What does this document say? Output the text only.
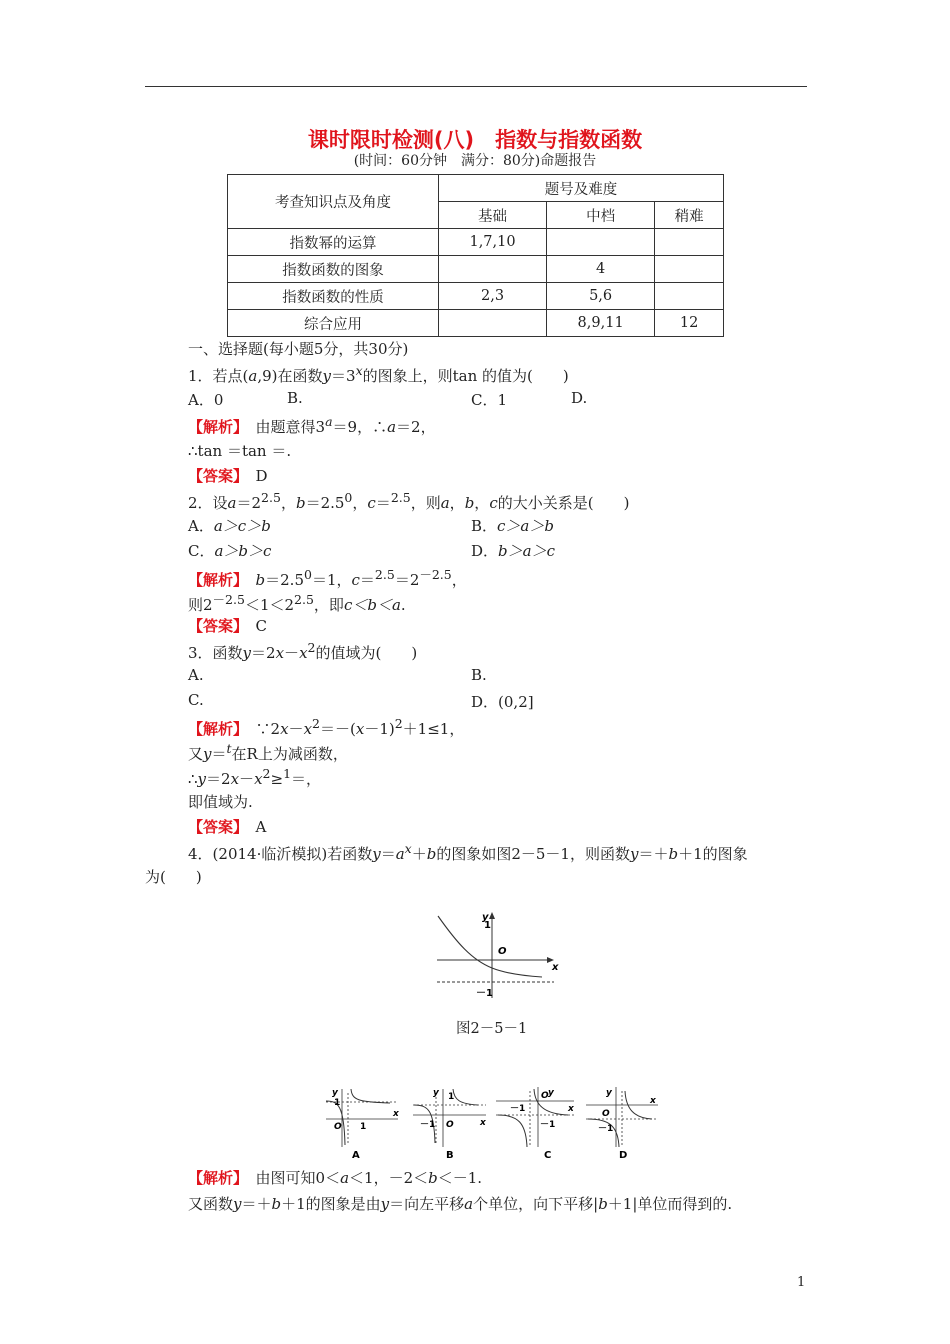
课时限时检测(八)　指数与指数函数
(时间：60分钟　满分：80分)命题报告
考查知识点及角度	题号及难度		
	基础	中档	稍难
指数幂的运算	1,7,10		
指数函数的图象		4	
指数函数的性质	2,3	5,6	
综合应用		8,9,11	12
一、选择题(每小题5分，共30分)
1．若点(a,9)在函数$y=3^x$的图象上，则tan 的值为(　　)
A．0	B.	C．1	D.
【解析】　 由题意得$3^a=9$，∴a＝2，
∴tan ＝tan ＝.
【答案】　 D
2．设$a=2^{2.5}$，$b=2.5^0$，c＝$^{2.5}$，则a，b，c的大小关系是(　　)
A．a＞c＞b	B．c＞a＞b
C．a＞b＞c	D．b＞a＞c
【解析】　 $b=2.5^0=1$，$c=^{2.5}=2^{-2.5}$，
则$2^{-2.5}<1<2^{2.5}$，即c＜b＜a.
【答案】　 C
3．函数$y=2x-x^2$的值域为(　　)
A.	B.
C.	D．(0,2]
【解析】　 $\because 2x-x^2=-(x-1)^2+1\le 1$，
又y＝$^t$在R上为减函数，
$\therefore y=2x-x^2\ge^1=$，
即值域为.
【答案】　 A
4．(2014·临沂模拟)若函数$y=a^x+b$的图象如图2－5－1，则函数y＝＋b＋1的图象
为(　　)
y
x
1
O
－1
图2－5－1
y
x
O 1
1
y
x
O
－1
1	y
x
O
－1
－1
y
x
O
－1
A	B	C	D
【解析】　 由图可知0＜a＜1，－2＜b＜－1.
又函数y＝＋b＋1的图象是由y＝向左平移a个单位，向下平移|b＋1|单位而得到的.
1
